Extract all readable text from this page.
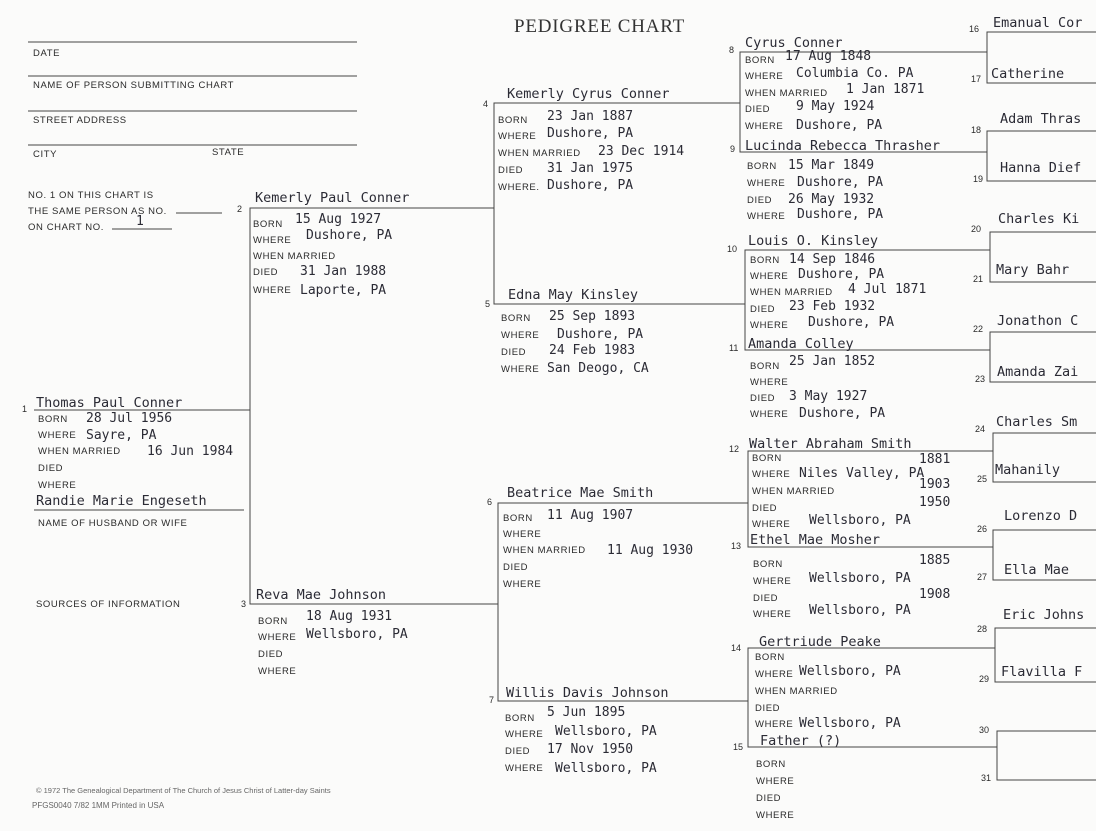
PEDIGREE CHART
DATE
NAME OF PERSON SUBMITTING CHART
STREET ADDRESS
CITY	STATE
NO. 1 ON THIS CHART IS
THE SAME PERSON AS NO.
ON CHART NO. 1
1 Thomas Paul Conner
BORN 28 Jul 1956
WHERE Sayre, PA
WHEN MARRIED 16 Jun 1984
DIED
WHERE
Randie Marie Engeseth
NAME OF HUSBAND OR WIFE
SOURCES OF INFORMATION
2
Kemerly Paul Conner
BORN 15 Aug 1927
WHERE Dushore, PA
WHEN MARRIED
DIED 31 Jan 1988
WHERE Laporte, PA
3
Reva Mae Johnson
BORN 18 Aug 1931
WHERE Wellsboro, PA
DIED
WHERE
4
Kemerly Cyrus Conner
BORN 23 Jan 1887
WHERE Dushore, PA
WHEN MARRIED 23 Dec 1914
DIED 31 Jan 1975
WHERE. Dushore, PA
5
Edna May Kinsley
BORN 25 Sep 1893
WHERE Dushore, PA
DIED 24 Feb 1983
WHERE San Deogo, CA
6
Beatrice Mae Smith
BORN 11 Aug 1907
WHERE
WHEN MARRIED 11 Aug 1930
DIED
WHERE
7 Willis Davis Johnson
BORN 5 Jun 1895
WHERE Wellsboro, PA
DIED 17 Nov 1950
WHERE Wellsboro, PA
8 Cyrus Conner
BORN 17 Aug 1848
WHERE Columbia Co. PA
WHEN MARRIED 1 Jan 1871
DIED 9 May 1924
WHERE Dushore, PA
9 Lucinda Rebecca Thrasher
BORN 15 Mar 1849
WHERE Dushore, PA
DIED 26 May 1932
WHERE Dushore, PA
10 Louis O. Kinsley
BORN 14 Sep 1846
WHERE Dushore, PA
WHEN MARRIED 4 Jul 1871
DIED 23 Feb 1932
WHERE Dushore, PA
11 Amanda Colley
BORN 25 Jan 1852
WHERE
DIED 3 May 1927
WHERE Dushore, PA
12 Walter Abraham Smith
BORN	1881
WHERE Niles Valley, PA
WHEN MARRIED	1903
DIED	1950
WHERE Wellsboro, PA
13 Ethel Mae Mosher
BORN	1885
WHERE Wellsboro, PA
DIED	1908
WHERE Wellsboro, PA
14 Gertriude Peake
BORN
WHERE Wellsboro, PA
WHEN MARRIED
DIED
WHERE Wellsboro, PA
15 Father (?)
BORN
WHERE
DIED
WHERE
16 Emanual Cor
17 Catherine
18
Adam Thras
19
Hanna Dief
20
Charles Ki
21
Mary Bahr
22 Jonathon C
23 Amanda Zai
24 Charles Sm
25
Mahanily
26
Lorenzo D
27 Ella Mae
28
Eric Johns
29 Flavilla F
30
31
© 1972 The Genealogical Department of The Church of Jesus Christ of Latter-day Saints
PFGS0040 7/82 1MM Printed in USA
